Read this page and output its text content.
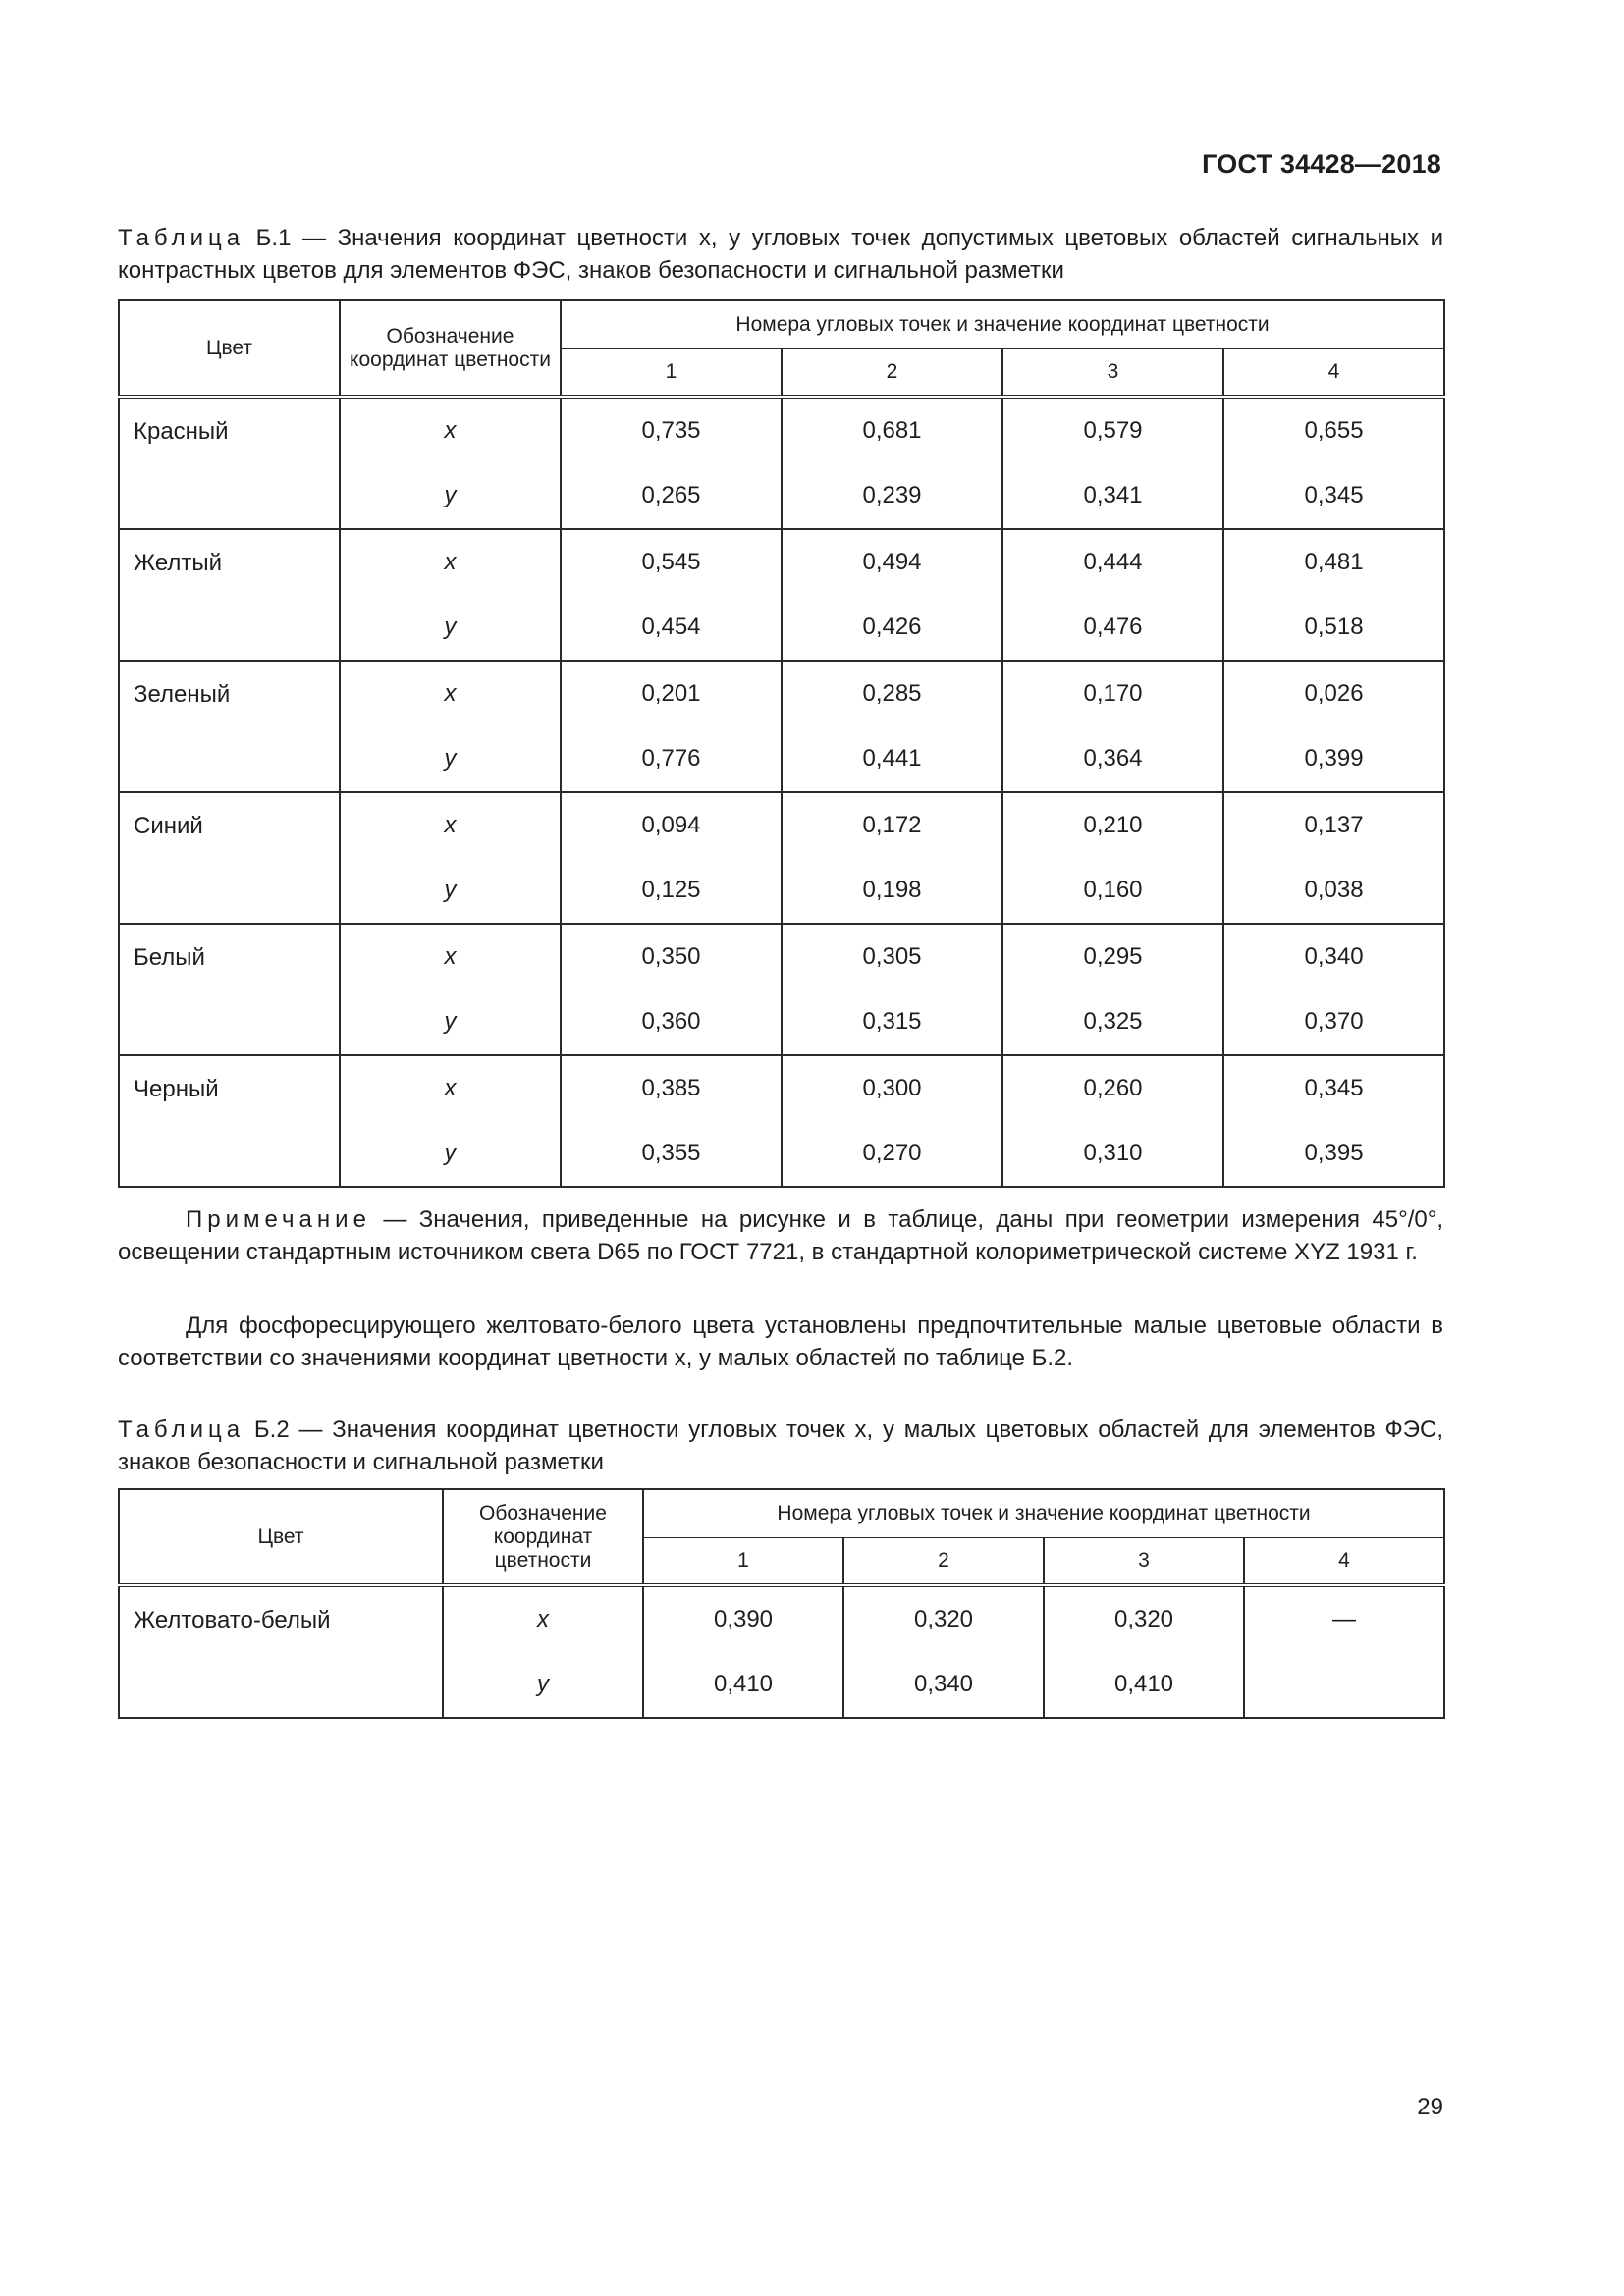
ГОСТ 34428—2018
Таблица Б.1 — Значения координат цветности x, y угловых точек допустимых цветовых областей сигнальных и контрастных цветов для элементов ФЭС, знаков безопасности и сигнальной разметки
Цвет	Обозначение координат цветности	Номера угловых точек и значение координат цветности			
		1	2	3	4
Красный	x	0,735	0,681	0,579	0,655
	y	0,265	0,239	0,341	0,345
Желтый	x	0,545	0,494	0,444	0,481
	y	0,454	0,426	0,476	0,518
Зеленый	x	0,201	0,285	0,170	0,026
	y	0,776	0,441	0,364	0,399
Синий	x	0,094	0,172	0,210	0,137
	y	0,125	0,198	0,160	0,038
Белый	x	0,350	0,305	0,295	0,340
	y	0,360	0,315	0,325	0,370
Черный	x	0,385	0,300	0,260	0,345
	y	0,355	0,270	0,310	0,395
Примечание — Значения, приведенные на рисунке и в таблице, даны при геометрии измерения 45°/0°, освещении стандартным источником света D65 по ГОСТ 7721, в стандартной колориметрической системе XYZ 1931 г.
Для фосфоресцирующего желтовато-белого цвета установлены предпочтительные малые цветовые области в соответствии со значениями координат цветности x, y малых областей по таблице Б.2.
Таблица Б.2 — Значения координат цветности угловых точек x, y малых цветовых областей для элементов ФЭС, знаков безопасности и сигнальной разметки
Цвет	Обозначение координат цветности	Номера угловых точек и значение координат цветности			
		1	2	3	4
Желтовато-белый	x	0,390	0,320	0,320	—
	y	0,410	0,340	0,410	
29
